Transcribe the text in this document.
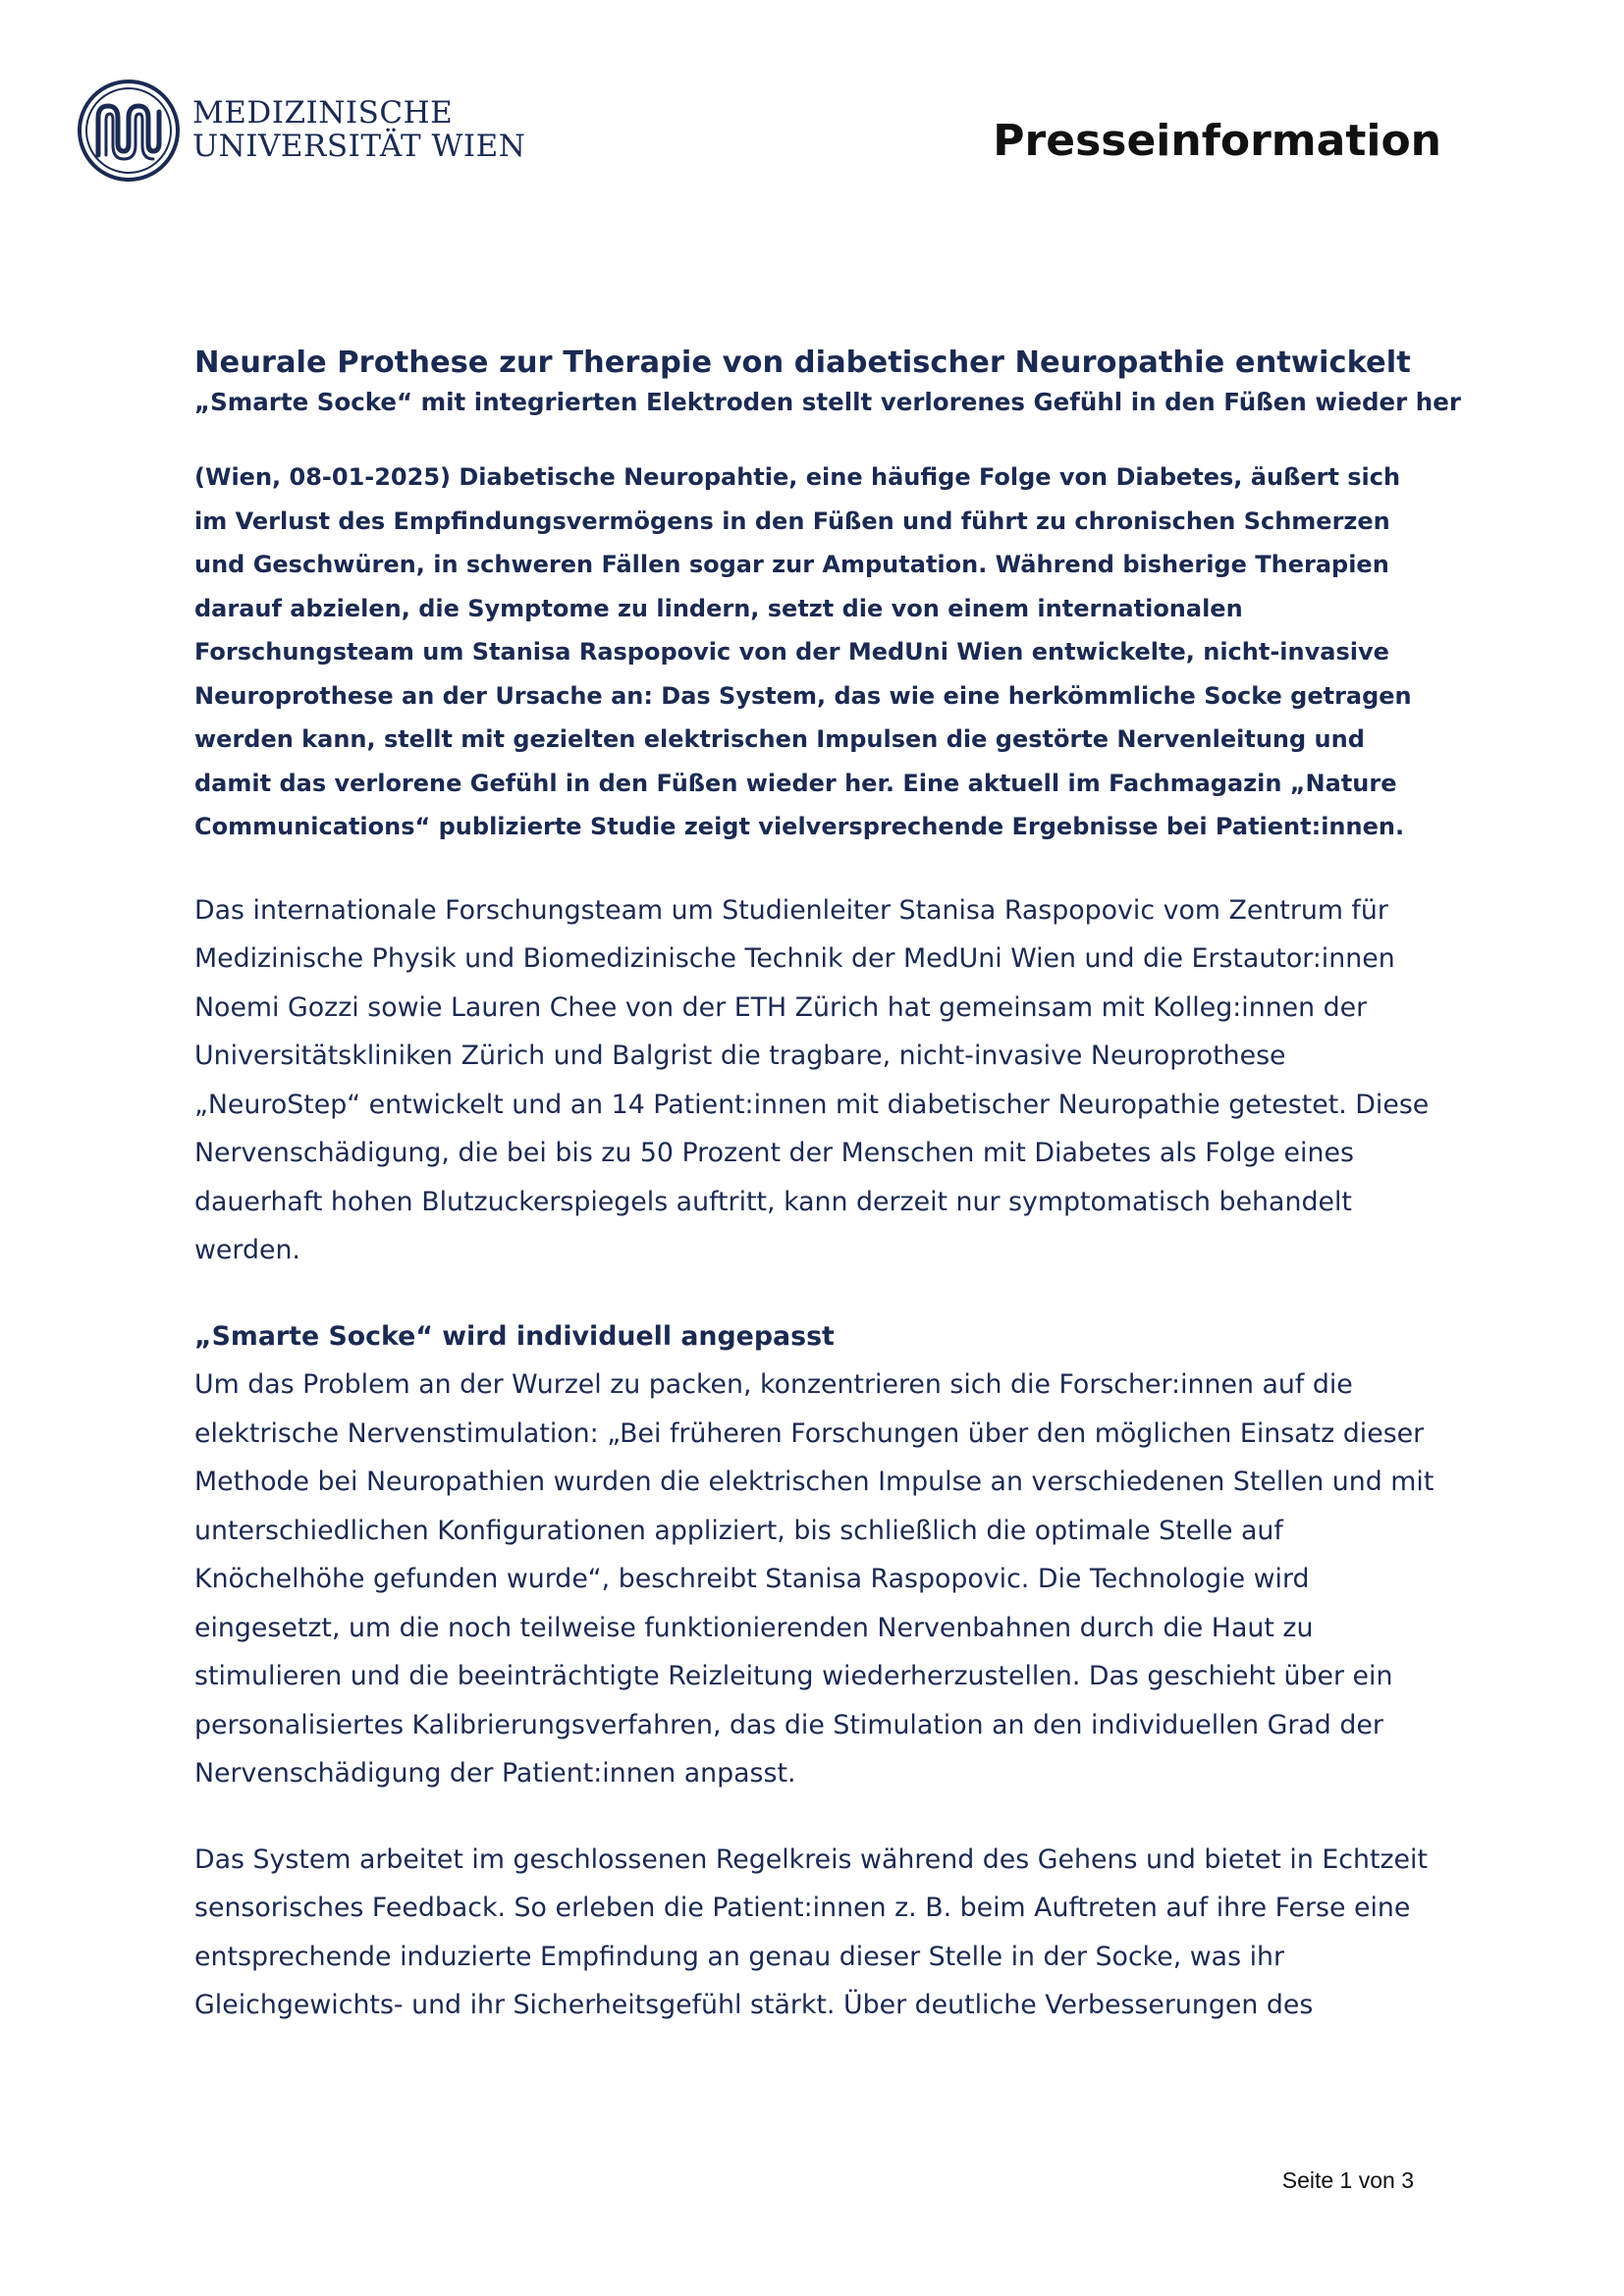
MEDIZINISCHE
UNIVERSITÄT WIEN	Presseinformation
Neurale Prothese zur Therapie von diabetischer Neuropathie entwickelt
„Smarte Socke“ mit integrierten Elektroden stellt verlorenes Gefühl in den Füßen wieder her

(Wien, 08-01-2025) Diabetische Neuropahtie, eine häufige Folge von Diabetes, äußert sich im Verlust des Empfindungsvermögens in den Füßen und führt zu chronischen Schmerzen und Geschwüren, in schweren Fällen sogar zur Amputation. Während bisherige Therapien darauf abzielen, die Symptome zu lindern, setzt die von einem internationalen Forschungsteam um Stanisa Raspopovic von der MedUni Wien entwickelte, nicht-invasive Neuroprothese an der Ursache an: Das System, das wie eine herkömmliche Socke getragen werden kann, stellt mit gezielten elektrischen Impulsen die gestörte Nervenleitung und damit das verlorene Gefühl in den Füßen wieder her. Eine aktuell im Fachmagazin „Nature Communications“ publizierte Studie zeigt vielversprechende Ergebnisse bei Patient:innen.

Das internationale Forschungsteam um Studienleiter Stanisa Raspopovic vom Zentrum für Medizinische Physik und Biomedizinische Technik der MedUni Wien und die Erstautor:innen Noemi Gozzi sowie Lauren Chee von der ETH Zürich hat gemeinsam mit Kolleg:innen der Universitätskliniken Zürich und Balgrist die tragbare, nicht-invasive Neuroprothese „NeuroStep“ entwickelt und an 14 Patient:innen mit diabetischer Neuropathie getestet. Diese Nervenschädigung, die bei bis zu 50 Prozent der Menschen mit Diabetes als Folge eines dauerhaft hohen Blutzuckerspiegels auftritt, kann derzeit nur symptomatisch behandelt werden.

„Smarte Socke“ wird individuell angepasst

Um das Problem an der Wurzel zu packen, konzentrieren sich die Forscher:innen auf die elektrische Nervenstimulation: „Bei früheren Forschungen über den möglichen Einsatz dieser Methode bei Neuropathien wurden die elektrischen Impulse an verschiedenen Stellen und mit unterschiedlichen Konfigurationen appliziert, bis schließlich die optimale Stelle auf Knöchelhöhe gefunden wurde“, beschreibt Stanisa Raspopovic. Die Technologie wird eingesetzt, um die noch teilweise funktionierenden Nervenbahnen durch die Haut zu stimulieren und die beeinträchtigte Reizleitung wiederherzustellen. Das geschieht über ein personalisiertes Kalibrierungsverfahren, das die Stimulation an den individuellen Grad der Nervenschädigung der Patient:innen anpasst.

Das System arbeitet im geschlossenen Regelkreis während des Gehens und bietet in Echtzeit sensorisches Feedback. So erleben die Patient:innen z. B. beim Auftreten auf ihre Ferse eine entsprechende induzierte Empfindung an genau dieser Stelle in der Socke, was ihr Gleichgewichts- und ihr Sicherheitsgefühl stärkt. Über deutliche Verbesserungen des

Seite 1 von 3
